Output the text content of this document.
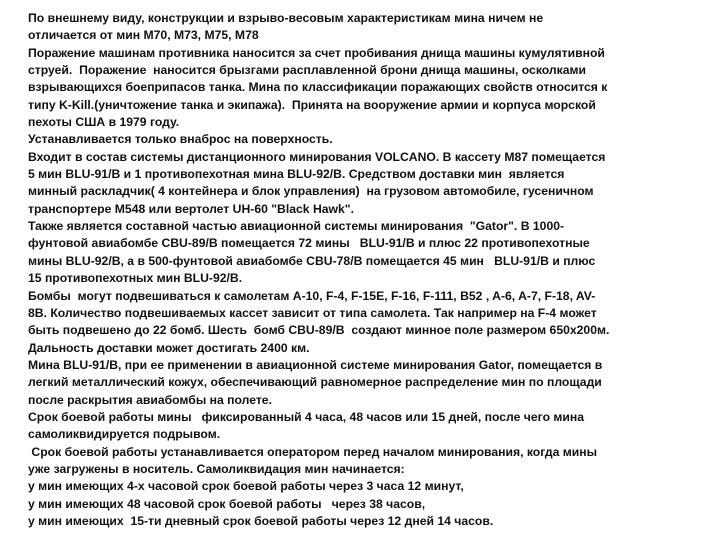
По внешнему виду, конструкции и взрыво-весовым характеристикам мина ничем не
отличается от мин М70, М73, М75, М78
Поражение машинам противника наносится за счет пробивания днища машины кумулятивной
струей.  Поражение  наносится брызгами расплавленной брони днища машины, осколками
взрывающихся боеприпасов танка. Мина по классификации поражающих свойств относится к
типу K-Kill.(уничтожение танка и экипажа).  Принята на вооружение армии и корпуса морской
пехоты США в 1979 году.
Устанавливается только внаброс на поверхность.
Входит в состав системы дистанционного минирования VOLCANO. В кассету М87 помещается
5 мин BLU-91/B и 1 противопехотная мина BLU-92/B. Средством доставки мин  является
минный раскладчик( 4 контейнера и блок управления)  на грузовом автомобиле, гусеничном
транспортере М548 или вертолет UH-60 "Black Hawk".
Также является составной частью авиационной системы минирования  "Gator". В 1000-
фунтовой авиабомбе CBU-89/B помещается 72 мины   BLU-91/B и плюс 22 противопехотные
мины BLU-92/B, а в 500-фунтовой авиабомбе CBU-78/B помещается 45 мин   BLU-91/B и плюс
15 противопехотных мин BLU-92/B.
Бомбы  могут подвешиваться к самолетам А-10, F-4, F-15E, F-16, F-111, B52 , A-6, A-7, F-18, AV-
8B. Количество подвешиваемых кассет зависит от типа самолета. Так например на F-4 может
быть подвешено до 22 бомб. Шесть  бомб CBU-89/B  создают минное поле размером 650х200м.
Дальность доставки может достигать 2400 км.
Мина BLU-91/B, при ее применении в авиационной системе минирования Gator, помещается в
легкий металлический кожух, обеспечивающий равномерное распределение мин по площади
после раскрытия авиабомбы на полете.
Срок боевой работы мины   фиксированный 4 часа, 48 часов или 15 дней, после чего мина
самоликвидируется подрывом.
Срок боевой работы устанавливается оператором перед началом минирования, когда мины
уже загружены в носитель. Самоликвидация мин начинается:
у мин имеющих 4-х часовой срок боевой работы через 3 часа 12 минут,
у мин имеющих 48 часовой срок боевой работы   через 38 часов,
у мин имеющих  15-ти дневный срок боевой работы через 12 дней 14 часов.
